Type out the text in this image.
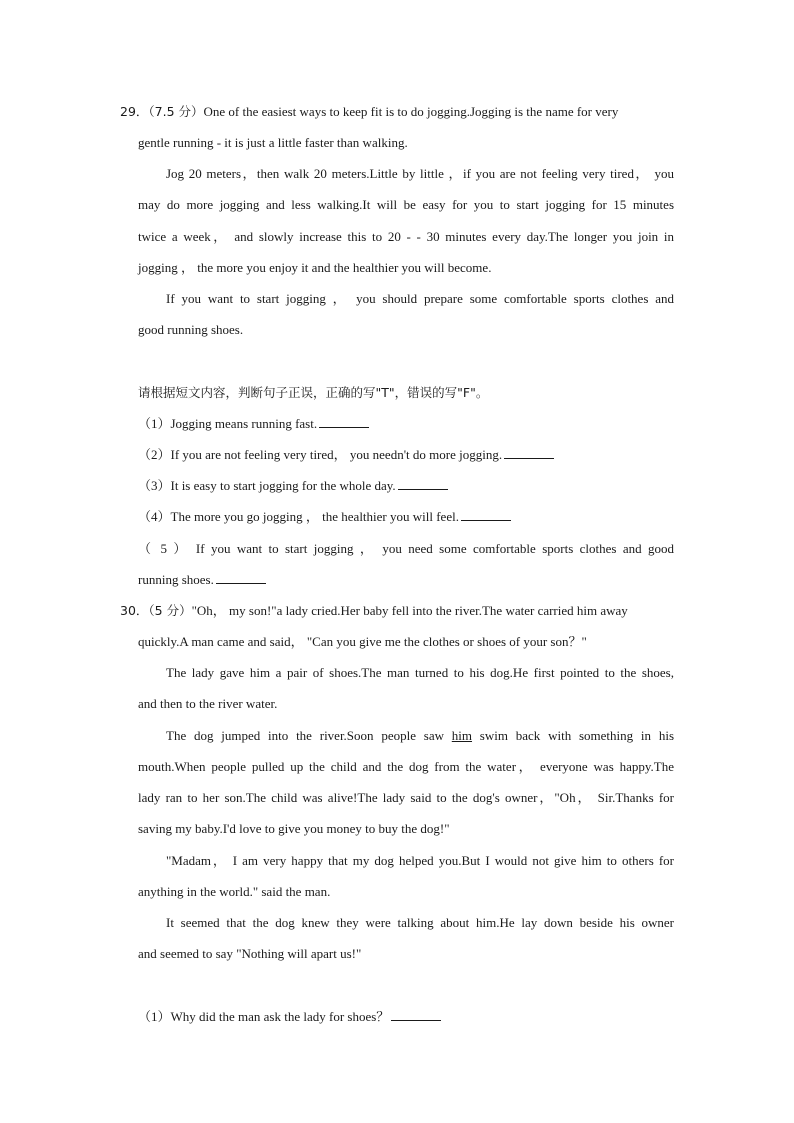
29．（7.5 分）One of the easiest ways to keep fit is to do jogging.Jogging is the name for very
gentle running - it is just a little faster than walking.
Jog 20 meters，then walk 20 meters.Little by little ，if you are not feeling very tired， you
may do more jogging and less walking.It will be easy for you to start jogging for 15 minutes
twice a week， and slowly increase this to 20 - - 30 minutes every day.The longer you join in
jogging ， the more you enjoy it and the healthier you will become.
If you want to start jogging ， you should prepare some comfortable sports clothes and
good running shoes.
请根据短文内容，判断句子正误，正确的写"T"，错误的写"F"。
（1）Jogging means running fast.
（2）If you are not feeling very tired， you needn't do more jogging.
（3）It is easy to start jogging for the whole day.
（4）The more you go jogging ， the healthier you will feel.
（ 5 ） If you want to start jogging ， you need some comfortable sports clothes and good
running shoes.
30．（5 分）"Oh， my son!"a lady cried.Her baby fell into the river.The water carried him away
quickly.A man came and said， "Can you give me the clothes or shoes of your son？"
The lady gave him a pair of shoes.The man turned to his dog.He first pointed to the shoes,
and then to the river water.
The dog jumped into the river.Soon people saw him swim back with something in his
mouth.When people pulled up the child and the dog from the water， everyone was happy.The
lady ran to her son.The child was alive!The lady said to the dog's owner，"Oh， Sir.Thanks for
saving my baby.I'd love to give you money to buy the dog!"
"Madam， I am very happy that my dog helped you.But I would not give him to others for
anything in the world." said the man.
It seemed that the dog knew they were talking about him.He lay down beside his owner
and seemed to say "Nothing will apart us!"
（1）Why did the man ask the lady for shoes？
